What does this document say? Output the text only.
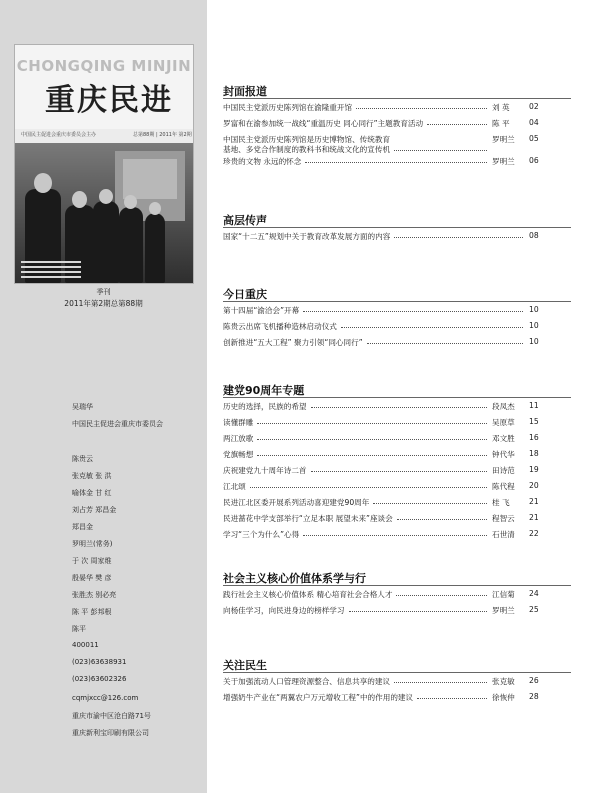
CHONGQING MINJIN
重庆民进
中国民主促进会重庆市委员会主办	总第88期 | 2011年 第2期
季刊
2011年第2期总第88期
吴瑞华
中国民主促进会重庆市委员会
陈贵云
张克敏 张 洪
喻体金 甘 红
刘占芳 郑昌金
郑昌金
罗明兰(常务)
于 次 周家维
殷晏华 樊 彦
张胜杰 别必亮
陈 平 彭邦根
陈平
400011
(023)63638931
(023)63602326
cqmjxcc@126.com
重庆市渝中区沧白路71号
重庆新利宝印刷有限公司
封面报道
中国民主党派历史陈列馆在渝隆重开馆	刘 英	02
罗富和在渝参加统一战线“重温历史 同心同行”主题教育活动	陈 平	04
中国民主党派历史陈列馆是历史博物馆、传统教育
基地、多党合作制度的教科书和统战文化的宣传机
罗明兰 05
珍贵的文物 永远的怀念	罗明兰 06
高层传声
国家“十二五”规划中关于教育改革发展方面的内容	08
今日重庆
第十四届“渝洽会”开幕	10
陈贵云出席飞机播种造林启动仪式	10
创新推进“五大工程” 聚力引领“同心同行”	10
建党90周年专题
历史的选择，民族的希望	段凤杰 11
读懂群雕	吴原草 15
两江放歌	邓文胜 16
党旗畅想	钟代华 18
庆祝建党九十周年诗二首	田诗范 19
江北颂	陈代程 20
民进江北区委开展系列活动喜迎建党90周年	桂 飞	21
民进蔷花中学支部举行“立足本职 展望未来”座谈会	程智云 21
学习“三个为什么”心得	石世清 22
社会主义核心价值体系学与行
践行社会主义核心价值体系 精心培育社会合格人才	江信菊 24
向杨佳学习，向民进身边的榜样学习	罗明兰 25
关注民生
关于加强流动人口管理资源整合、信息共享的建议	张克敏 26
增强奶牛产业在“两翼农户万元增收工程”中的作用的建议	徐恢仲 28
